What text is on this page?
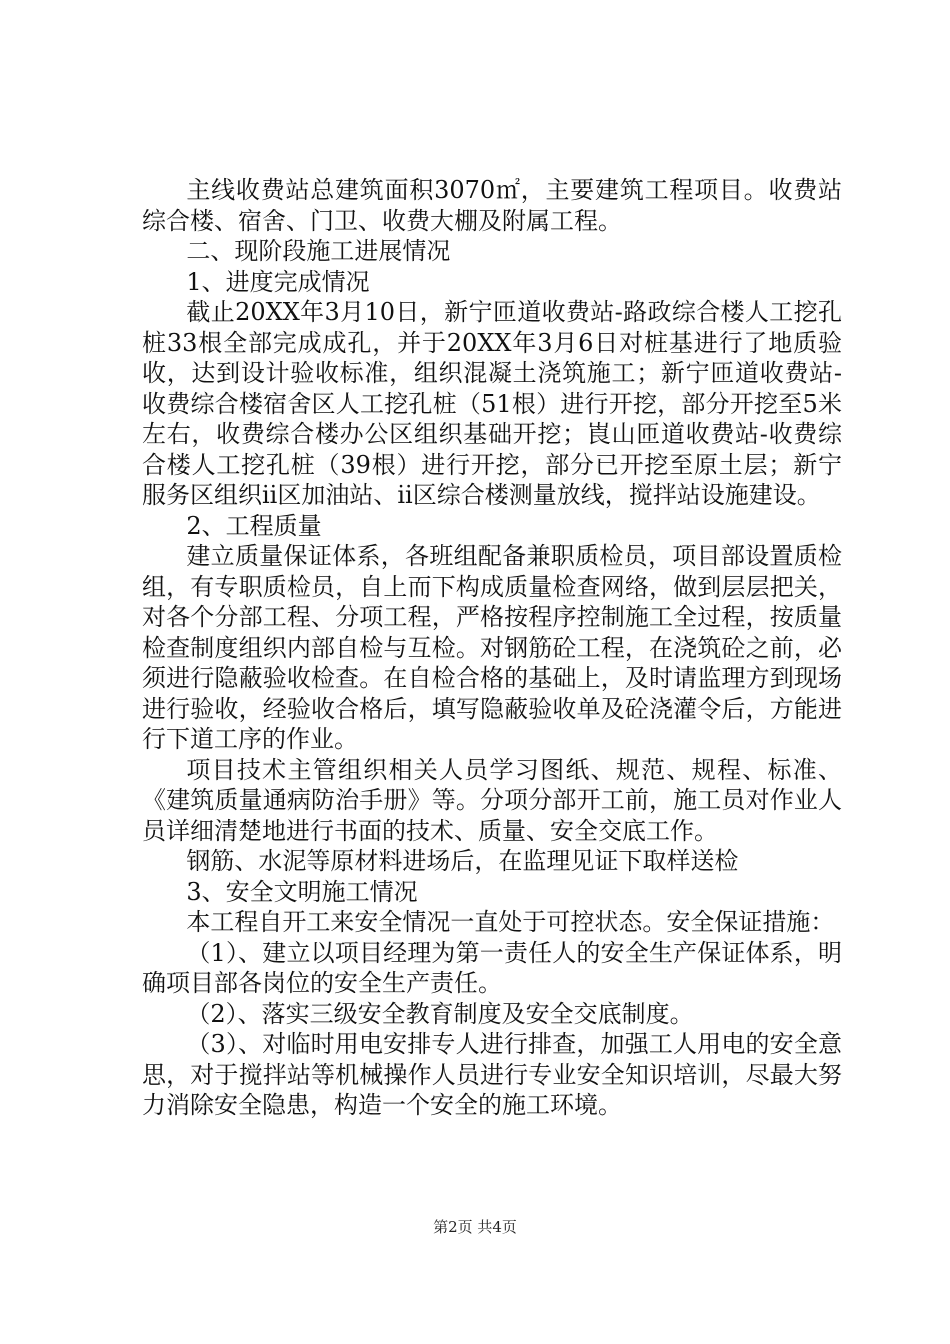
主线收费站总建筑面积3070㎡，主要建筑工程项目。收费站综合楼、宿舍、门卫、收费大棚及附属工程。

二、现阶段施工进展情况

1、进度完成情况

截止20XX年3月10日，新宁匝道收费站-路政综合楼人工挖孔桩33根全部完成成孔，并于20XX年3月6日对桩基进行了地质验收，达到设计验收标准，组织混凝土浇筑施工；新宁匝道收费站-收费综合楼宿舍区人工挖孔桩（51根）进行开挖，部分开挖至5米左右，收费综合楼办公区组织基础开挖；崀山匝道收费站-收费综合楼人工挖孔桩（39根）进行开挖，部分已开挖至原土层；新宁服务区组织ii区加油站、ii区综合楼测量放线，搅拌站设施建设。

2、工程质量

建立质量保证体系，各班组配备兼职质检员，项目部设置质检组，有专职质检员，自上而下构成质量检查网络，做到层层把关，对各个分部工程、分项工程，严格按程序控制施工全过程，按质量检查制度组织内部自检与互检。对钢筋砼工程，在浇筑砼之前，必须进行隐蔽验收检查。在自检合格的基础上，及时请监理方到现场进行验收，经验收合格后，填写隐蔽验收单及砼浇灌令后，方能进行下道工序的作业。

项目技术主管组织相关人员学习图纸、规范、规程、标准、《建筑质量通病防治手册》等。分项分部开工前，施工员对作业人员详细清楚地进行书面的技术、质量、安全交底工作。

钢筋、水泥等原材料进场后，在监理见证下取样送检

3、安全文明施工情况

本工程自开工来安全情况一直处于可控状态。安全保证措施：

（1）、建立以项目经理为第一责任人的安全生产保证体系，明确项目部各岗位的安全生产责任。

（2）、落实三级安全教育制度及安全交底制度。

（3）、对临时用电安排专人进行排查，加强工人用电的安全意思，对于搅拌站等机械操作人员进行专业安全知识培训，尽最大努力消除安全隐患，构造一个安全的施工环境。

第2页 共4页
